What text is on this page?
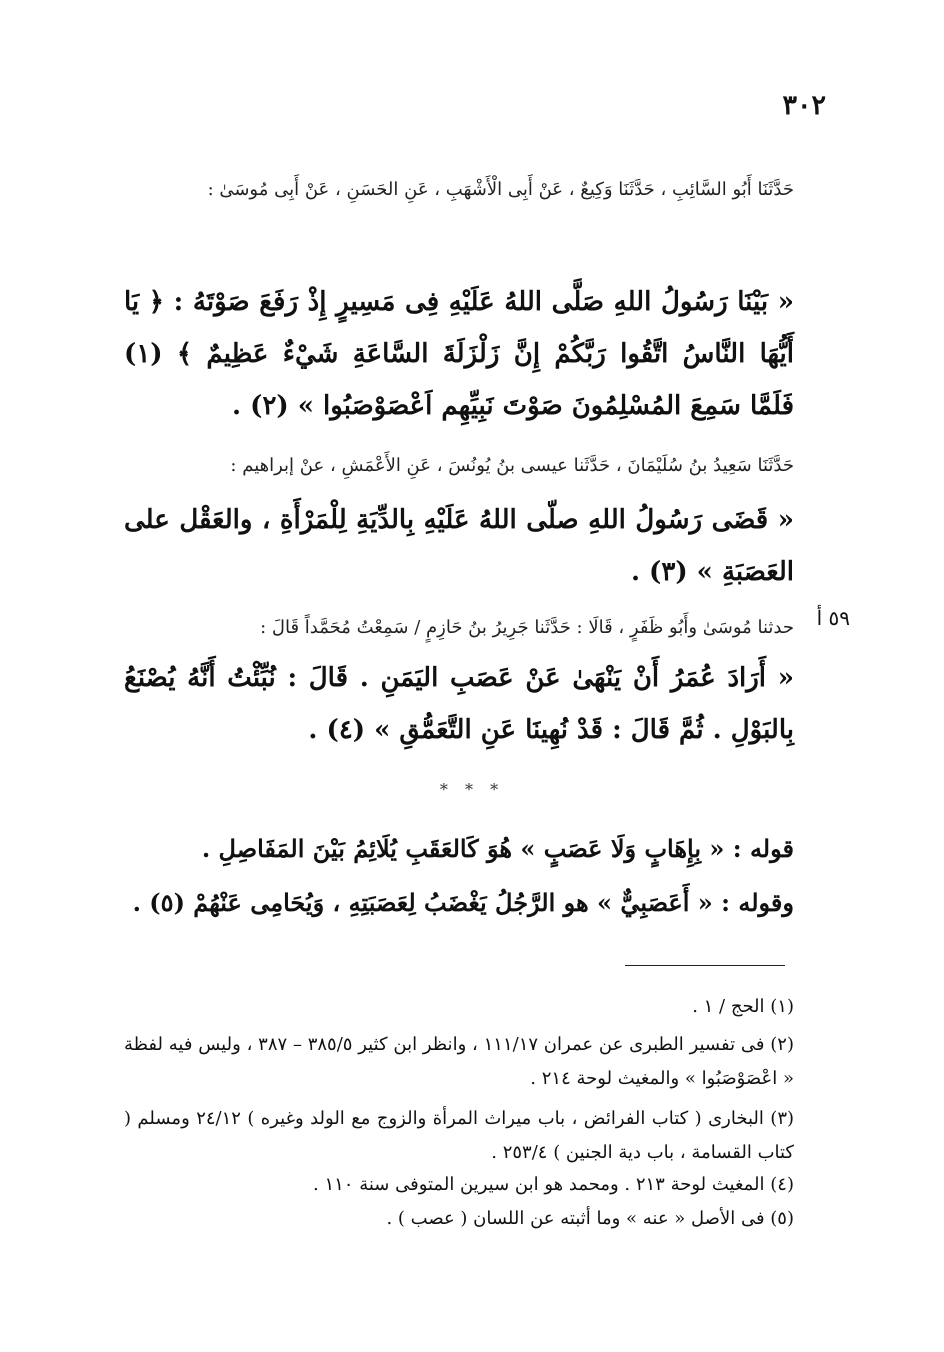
٣٠٢
حَدَّثَنَا أَبُو السَّائِبِ ، حَدَّثَنَا وَكِيعٌ ، عَنْ أَبِى الْأَشْهَبِ ، عَنِ الحَسَنِ ، عَنْ أَبِى مُوسَىٰ :
« بَيْنَا رَسُولُ اللهِ صَلَّى اللهُ عَلَيْهِ فِى مَسِيرٍ إِذْ رَفَعَ صَوْتَهُ : ﴿ يَا أَيُّهَا النَّاسُ اتَّقُوا رَبَّكُمْ إِنَّ زَلْزَلَةَ السَّاعَةِ شَيْءٌ عَظِيمٌ ﴾ (١) فَلَمَّا سَمِعَ المُسْلِمُونَ صَوْتَ نَبِيِّهِم اَعْصَوْصَبُوا » (٢) .
حَدَّثَنَا سَعِيدُ بنُ سُلَيْمَانَ ، حَدَّثَنا عيسى بنُ يُونُسَ ، عَنِ الأَعْمَشِ ، عنْ إبراهيم :
« قَضَى رَسُولُ اللهِ صلّى اللهُ عَلَيْهِ بِالدِّيَةِ لِلْمَرْأَةِ ، والعَقْل على العَصَبَةِ » (٣) .
٥٩ أ
حدثنا مُوسَىٰ وأَبُو ظَفَرٍ ، قَالَا : حَدَّثَنا جَرِيرُ بنُ حَازِمٍ / سَمِعْتُ مُحَمَّداً قَالَ :
« أَرَادَ عُمَرُ أَنْ يَنْهَىٰ عَنْ عَصَبِ اليَمَنِ . قَالَ : نُبِّئْتُ أَنَّهُ يُصْنَعُ بِالبَوْلِ . ثُمَّ قَالَ : قَدْ نُهِينَا عَنِ التَّعَمُّقِ » (٤) .
* * *
قوله : « بِإِهَابٍ وَلَا عَصَبٍ » هُوَ كَالعَقَبِ يُلَائِمُ بَيْنَ المَفَاصِلِ .
وقوله : « أَعَصَبِيٌّ » هو الرَّجُلُ يَغْضَبُ لِعَصَبَتِهِ ، وَيُحَامِى عَنْهُمْ (٥) .
(١) الحج / ١ .
(٢) فى تفسير الطبرى عن عمران ١١١/١٧ ، وانظر ابن كثير ٣٨٥/٥ – ٣٨٧ ، وليس فيه لفظة « اعْصَوْصَبُوا » والمغيث لوحة ٢١٤ .
(٣) البخارى ( كتاب الفرائض ، باب ميراث المرأة والزوج مع الولد وغيره ) ٢٤/١٢ ومسلم ( كتاب القسامة ، باب دية الجنين ) ٢٥٣/٤ .
(٤) المغيث لوحة ٢١٣ . ومحمد هو ابن سيرين المتوفى سنة ١١٠ .
(٥) فى الأصل « عنه » وما أثبته عن اللسان ( عصب ) .
